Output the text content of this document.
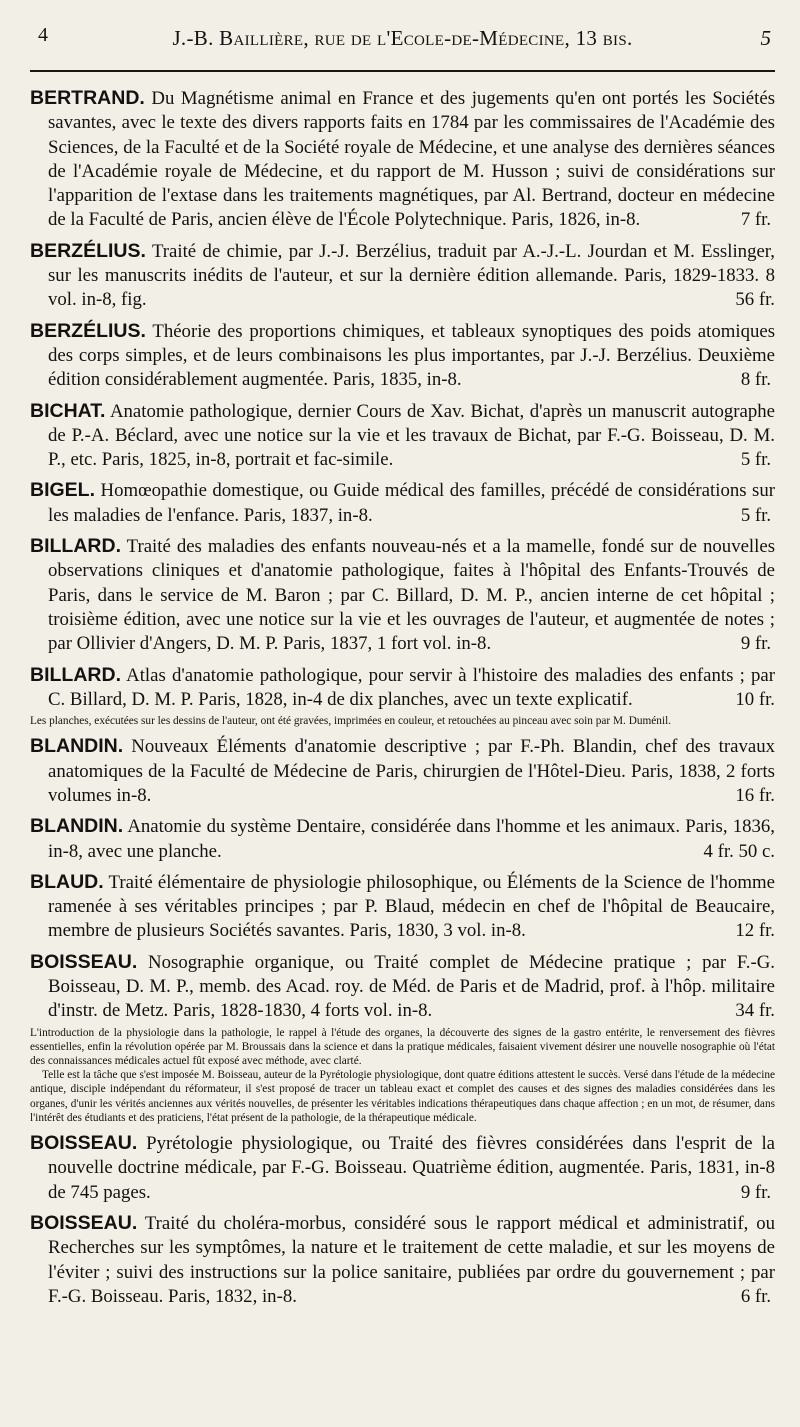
4	J.-B. Baillière, rue de l'Ecole-de-Médecine, 13 bis.	5
BERTRAND. Du Magnétisme animal en France et des jugements qu'en ont portés les Sociétés savantes, avec le texte des divers rapports faits en 1784 par les commissaires de l'Académie des Sciences, de la Faculté et de la Société royale de Médecine, et une analyse des dernières séances de l'Académie royale de Médecine, et du rapport de M. Husson ; suivi de considérations sur l'apparition de l'extase dans les traitements magnétiques, par Al. Bertrand, docteur en médecine de la Faculté de Paris, ancien élève de l'École Polytechnique. Paris, 1826, in-8.	7 fr.
BERZÉLIUS. Traité de chimie, par J.-J. Berzélius, traduit par A.-J.-L. Jourdan et M. Esslinger, sur les manuscrits inédits de l'auteur, et sur la dernière édition allemande. Paris, 1829-1833. 8 vol. in-8, fig.	56 fr.
BERZÉLIUS. Théorie des proportions chimiques, et tableaux synoptiques des poids atomiques des corps simples, et de leurs combinaisons les plus importantes, par J.-J. Berzélius. Deuxième édition considérablement augmentée. Paris, 1835, in-8.	8 fr.
BICHAT. Anatomie pathologique, dernier Cours de Xav. Bichat, d'après un manuscrit autographe de P.-A. Béclard, avec une notice sur la vie et les travaux de Bichat, par F.-G. Boisseau, D. M. P., etc. Paris, 1825, in-8, portrait et fac-simile.	5 fr.
BIGEL. Homœopathie domestique, ou Guide médical des familles, précédé de considérations sur les maladies de l'enfance. Paris, 1837, in-8.	5 fr.
BILLARD. Traité des maladies des enfants nouveau-nés et a la mamelle, fondé sur de nouvelles observations cliniques et d'anatomie pathologique, faites à l'hôpital des Enfants-Trouvés de Paris, dans le service de M. Baron ; par C. Billard, D. M. P., ancien interne de cet hôpital ; troisième édition, avec une notice sur la vie et les ouvrages de l'auteur, et augmentée de notes ; par Ollivier d'Angers, D. M. P. Paris, 1837, 1 fort vol. in-8.	9 fr.
BILLARD. Atlas d'anatomie pathologique, pour servir à l'histoire des maladies des enfants ; par C. Billard, D. M. P. Paris, 1828, in-4 de dix planches, avec un texte explicatif.	10 fr.

Les planches, exécutées sur les dessins de l'auteur, ont été gravées, imprimées en couleur, et retouchées au pinceau avec soin par M. Duménil.

BLANDIN. Nouveaux Éléments d'anatomie descriptive ; par F.-Ph. Blandin, chef des travaux anatomiques de la Faculté de Médecine de Paris, chirurgien de l'Hôtel-Dieu. Paris, 1838, 2 forts volumes in-8.	16 fr.
BLANDIN. Anatomie du système Dentaire, considérée dans l'homme et les animaux. Paris, 1836, in-8, avec une planche.	4 fr. 50 c.
BLAUD. Traité élémentaire de physiologie philosophique, ou Éléments de la Science de l'homme ramenée à ses véritables principes ; par P. Blaud, médecin en chef de l'hôpital de Beaucaire, membre de plusieurs Sociétés savantes. Paris, 1830, 3 vol. in-8.	12 fr.
BOISSEAU. Nosographie organique, ou Traité complet de Médecine pratique ; par F.-G. Boisseau, D. M. P., memb. des Acad. roy. de Méd. de Paris et de Madrid, prof. à l'hôp. militaire d'instr. de Metz. Paris, 1828-1830, 4 forts vol. in-8.	34 fr.

L'introduction de la physiologie dans la pathologie, le rappel à l'étude des organes, la découverte des signes de la gastro entérite, le renversement des fièvres essentielles, enfin la révolution opérée par M. Broussais dans la science et dans la pratique médicales, faisaient vivement désirer une nouvelle nosographie où l'état des connaissances médicales actuel fût exposé avec méthode, avec clarté.

Telle est la tâche que s'est imposée M. Boisseau, auteur de la Pyrétologie physiologique, dont quatre éditions attestent le succès. Versé dans l'étude de la médecine antique, disciple indépendant du réformateur, il s'est proposé de tracer un tableau exact et complet des causes et des signes des maladies considérées dans les organes, d'unir les vérités anciennes aux vérités nouvelles, de présenter les véritables indications thérapeutiques dans chaque affection ; en un mot, de résumer, dans l'intérêt des étudiants et des praticiens, l'état présent de la pathologie, de la thérapeutique médicale.

BOISSEAU. Pyrétologie physiologique, ou Traité des fièvres considérées dans l'esprit de la nouvelle doctrine médicale, par F.-G. Boisseau. Quatrième édition, augmentée. Paris, 1831, in-8 de 745 pages.	9 fr.
BOISSEAU. Traité du choléra-morbus, considéré sous le rapport médical et administratif, ou Recherches sur les symptômes, la nature et le traitement de cette maladie, et sur les moyens de l'éviter ; suivi des instructions sur la police sanitaire, publiées par ordre du gouvernement ; par F.-G. Boisseau. Paris, 1832, in-8.	6 fr.
